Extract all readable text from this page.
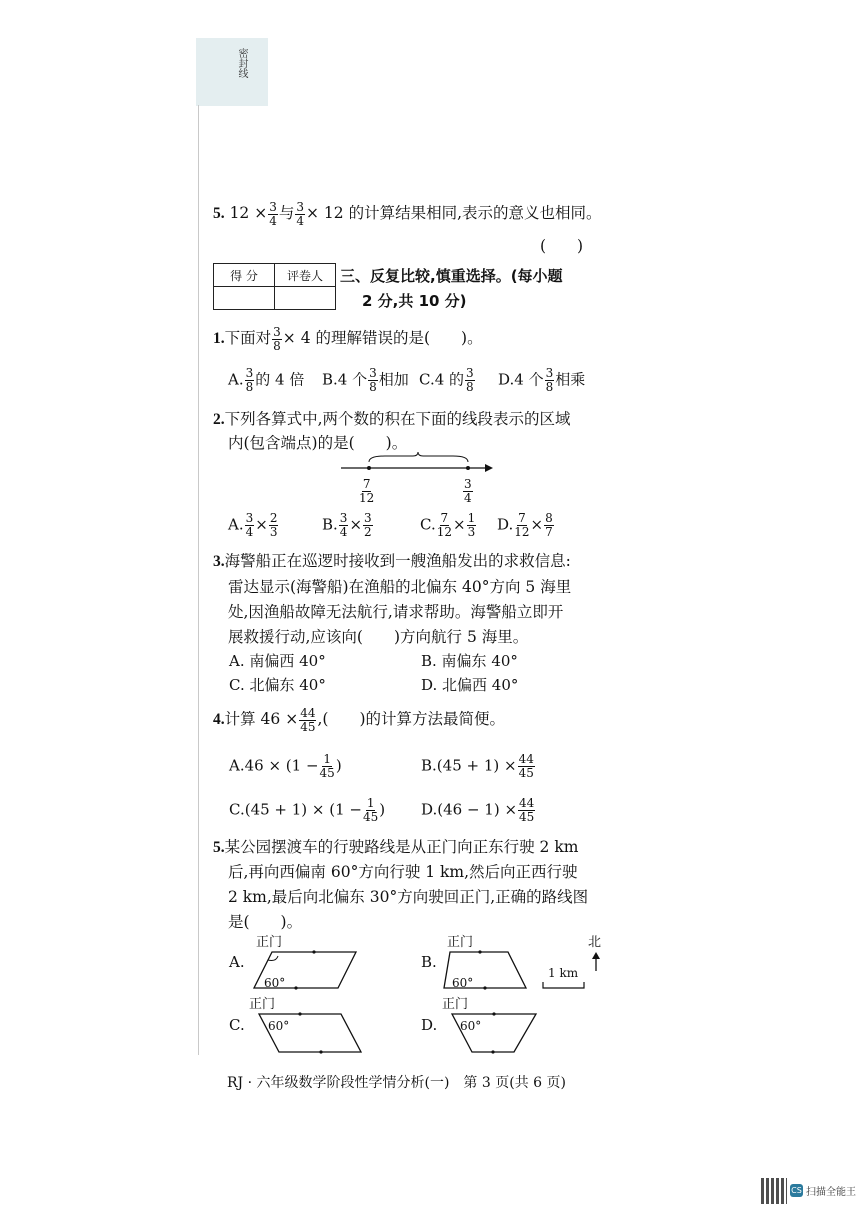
密封线
5. $12 \times \frac{3}{4}$ 与 $\frac{3}{4} \times 12$ 的计算结果相同,表示的意义也相同。
(　　)
得 分	评卷人
	三、反复比较,慎重选择。(每小题
2 分,共 10 分)
1.下面对 $\frac{3}{8} \times 4$ 的理解错误的是(　　)。
A. $\frac{3}{8}$ 的 4 倍 B.4 个 $\frac{3}{8}$ 相加 C.4 的 $\frac{3}{8} D.4$ 个 $\frac{3}{8}$ 相乘
2.下列各算式中,两个数的积在下面的线段表示的区域
内(包含端点)的是(　　)。
$\frac{7}{12}$	$\frac{3}{4}$
A. $\frac{3}{4} \times \frac{2}{3}$	B. $\frac{3}{4} \times \frac{3}{2}$	C. $\frac{7}{12} \times \frac{1}{3} D$. $\frac{7}{12} \times \frac{8}{7}$
3.海警船正在巡逻时接收到一艘渔船发出的求救信息:
雷达显示(海警船)在渔船的北偏东 40°方向 5 海里
处,因渔船故障无法航行,请求帮助。海警船立即开
展救援行动,应该向(　　)方向航行 5 海里。
A. 南偏西 40°	B. 南偏东 40°
C. 北偏东 40°	D. 北偏西 40°
4.计算 $46 \times \frac{44}{45}$ ,(　　)的计算方法最简便。
$A.46 \times (1 - \frac{1}{45}$ )	$B.(45 + 1) \times \frac{44}{45}$
$C.(45 + 1) \times (1 - \frac{1}{45}$ ) $D.(46 - 1) \times \frac{44}{45}$
5.某公园摆渡车的行驶路线是从正门向正东行驶 2 km
后,再向西偏南 60°方向行驶 1 km,然后向正西行驶
2 km,最后向北偏东 30°方向驶回正门,正确的路线图
是(　　)。
正门
A.
60°
正门
B.
60°
北
1 km
正门
C. 60°
正门
D. 60°
RJ · 六年级数学阶段性学情分析(一)　第 3 页(共 6 页)
CS 扫描全能王
